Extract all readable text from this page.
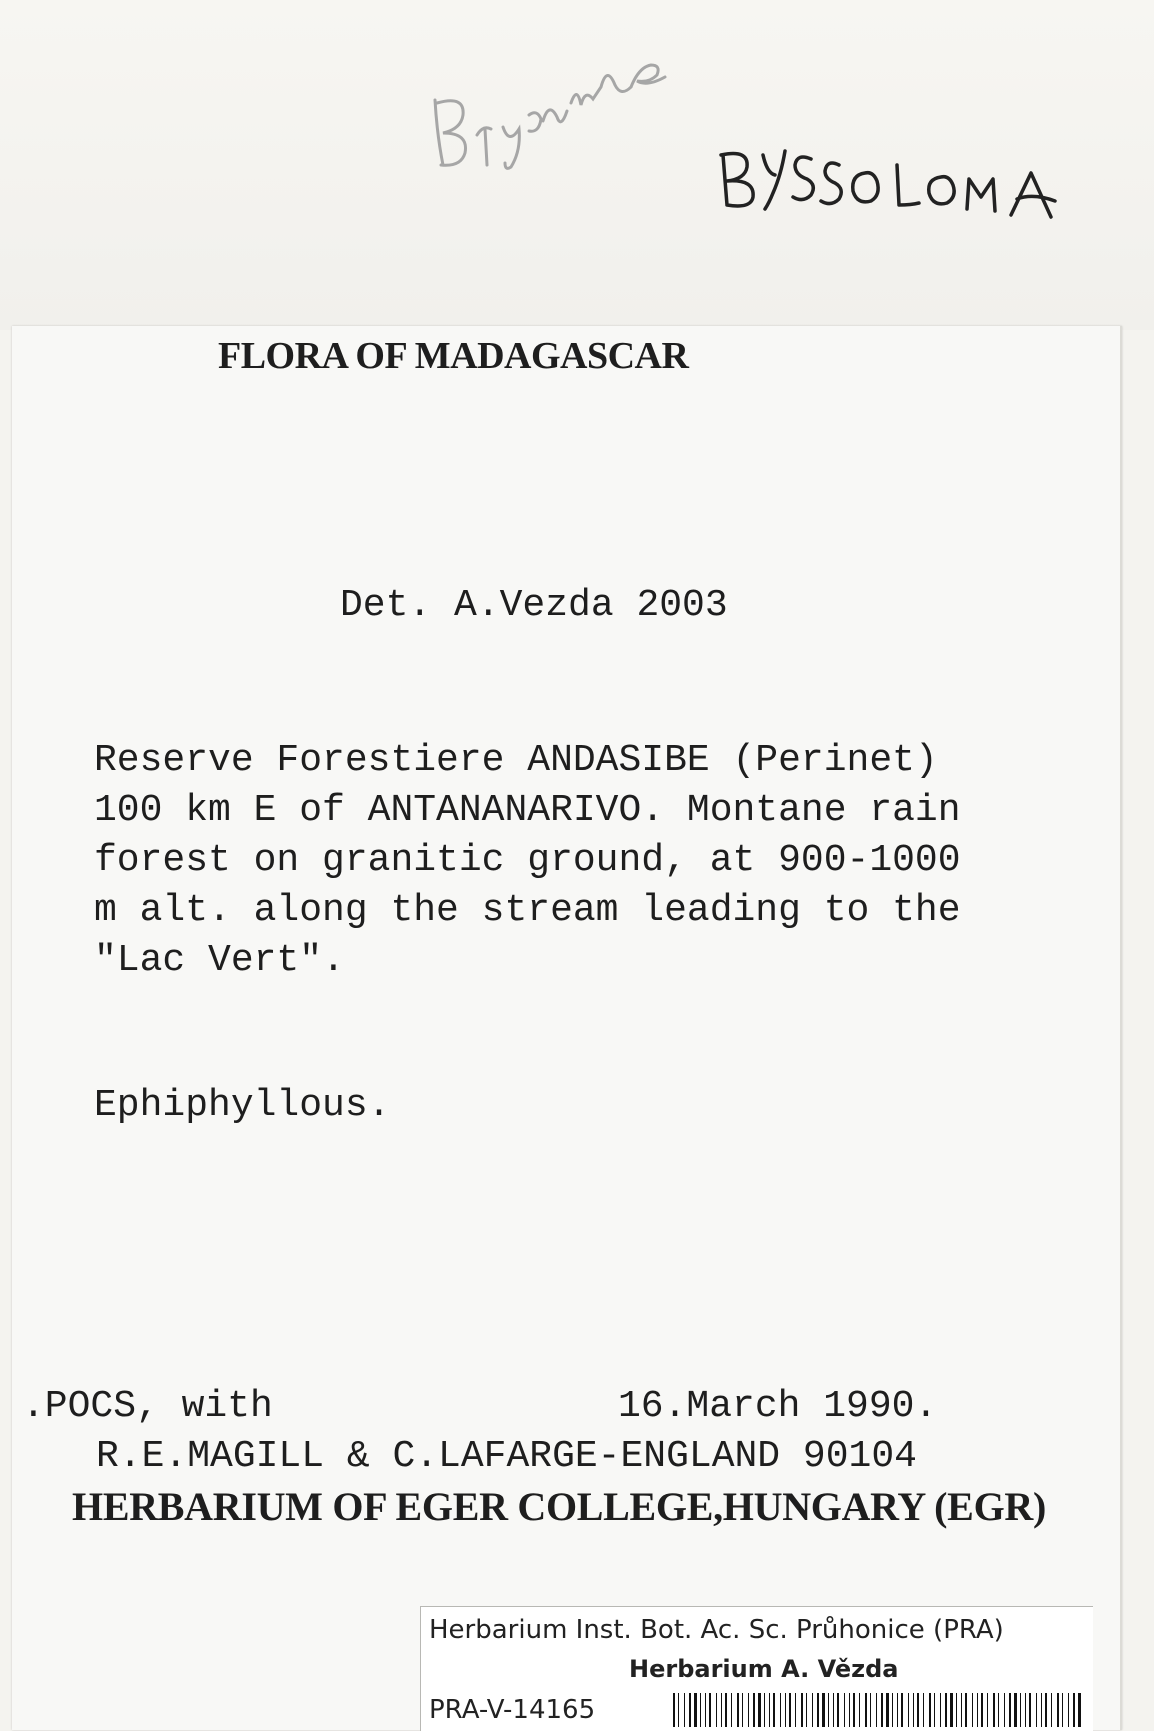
FLORA OF MADAGASCAR
Det. A.Vezda 2003
Reserve Forestiere ANDASIBE (Perinet)
100 km E of ANTANANARIVO. Montane rain
forest on granitic ground, at 900-1000
m alt. along the stream leading to the
"Lac Vert".
Ephiphyllous.
.POCS, with	16.March 1990.
R.E.MAGILL & C.LAFARGE-ENGLAND 90104
HERBARIUM OF EGER COLLEGE,HUNGARY (EGR)
Herbarium Inst. Bot. Ac. Sc. Průhonice (PRA)
Herbarium A. Vězda
PRA-V-14165
